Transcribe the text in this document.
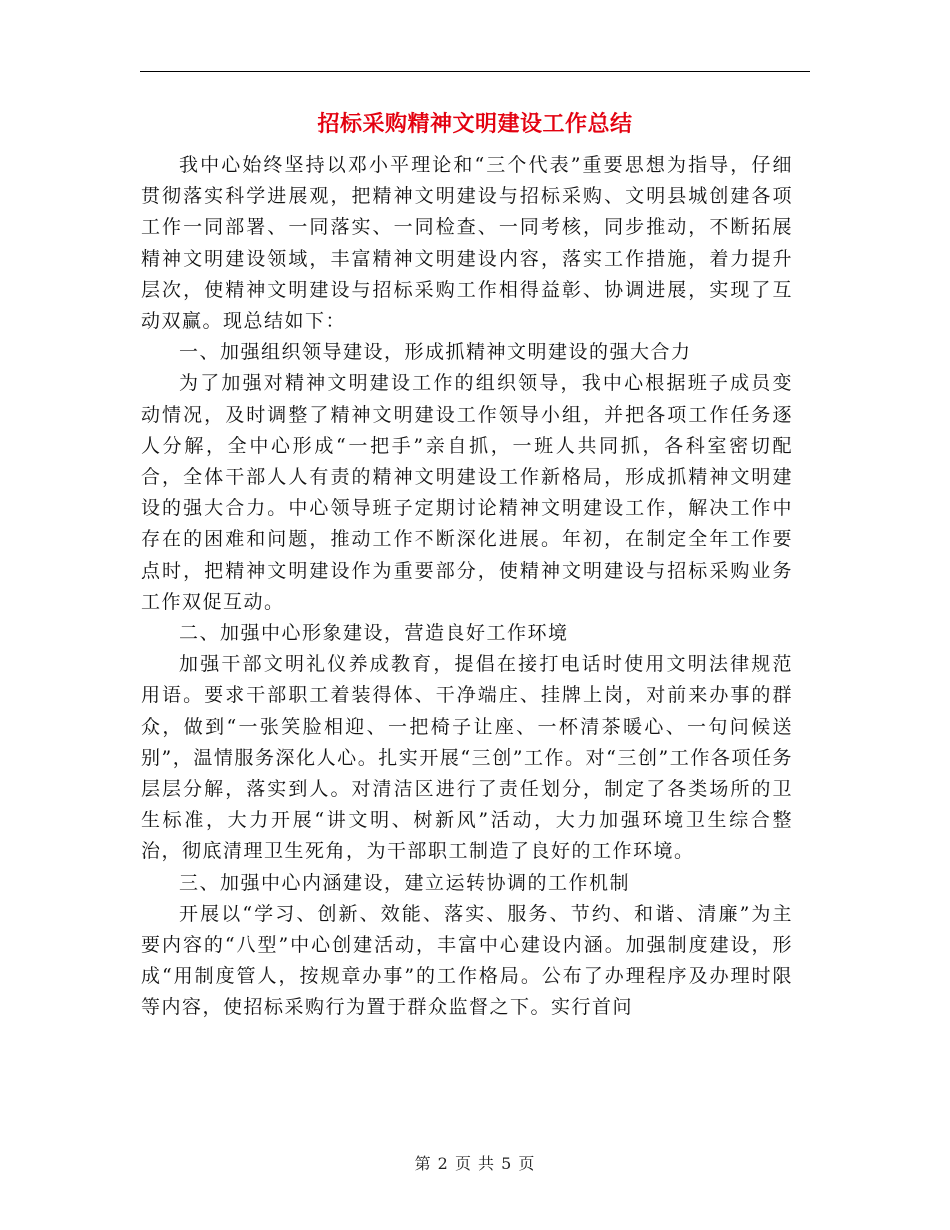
招标采购精神文明建设工作总结

我中心始终坚持以邓小平理论和“三个代表”重要思想为指导，仔细贯彻落实科学进展观，把精神文明建设与招标采购、文明县城创建各项工作一同部署、一同落实、一同检查、一同考核，同步推动，不断拓展精神文明建设领域，丰富精神文明建设内容，落实工作措施，着力提升层次，使精神文明建设与招标采购工作相得益彰、协调进展，实现了互动双赢。现总结如下：

一、加强组织领导建设，形成抓精神文明建设的强大合力

为了加强对精神文明建设工作的组织领导，我中心根据班子成员变动情况，及时调整了精神文明建设工作领导小组，并把各项工作任务逐人分解，全中心形成“一把手”亲自抓，一班人共同抓，各科室密切配合，全体干部人人有责的精神文明建设工作新格局，形成抓精神文明建设的强大合力。中心领导班子定期讨论精神文明建设工作，解决工作中存在的困难和问题，推动工作不断深化进展。年初，在制定全年工作要点时，把精神文明建设作为重要部分，使精神文明建设与招标采购业务工作双促互动。

二、加强中心形象建设，营造良好工作环境

加强干部文明礼仪养成教育，提倡在接打电话时使用文明法律规范用语。要求干部职工着装得体、干净端庄、挂牌上岗，对前来办事的群众，做到“一张笑脸相迎、一把椅子让座、一杯清茶暖心、一句问候送别”，温情服务深化人心。扎实开展“三创”工作。对“三创”工作各项任务层层分解，落实到人。对清洁区进行了责任划分，制定了各类场所的卫生标准，大力开展“讲文明、树新风”活动，大力加强环境卫生综合整治，彻底清理卫生死角，为干部职工制造了良好的工作环境。

三、加强中心内涵建设，建立运转协调的工作机制

开展以“学习、创新、效能、落实、服务、节约、和谐、清廉”为主要内容的“八型”中心创建活动，丰富中心建设内涵。加强制度建设，形成“用制度管人，按规章办事”的工作格局。公布了办理程序及办理时限等内容，使招标采购行为置于群众监督之下。实行首问

第 2 页 共 5 页
